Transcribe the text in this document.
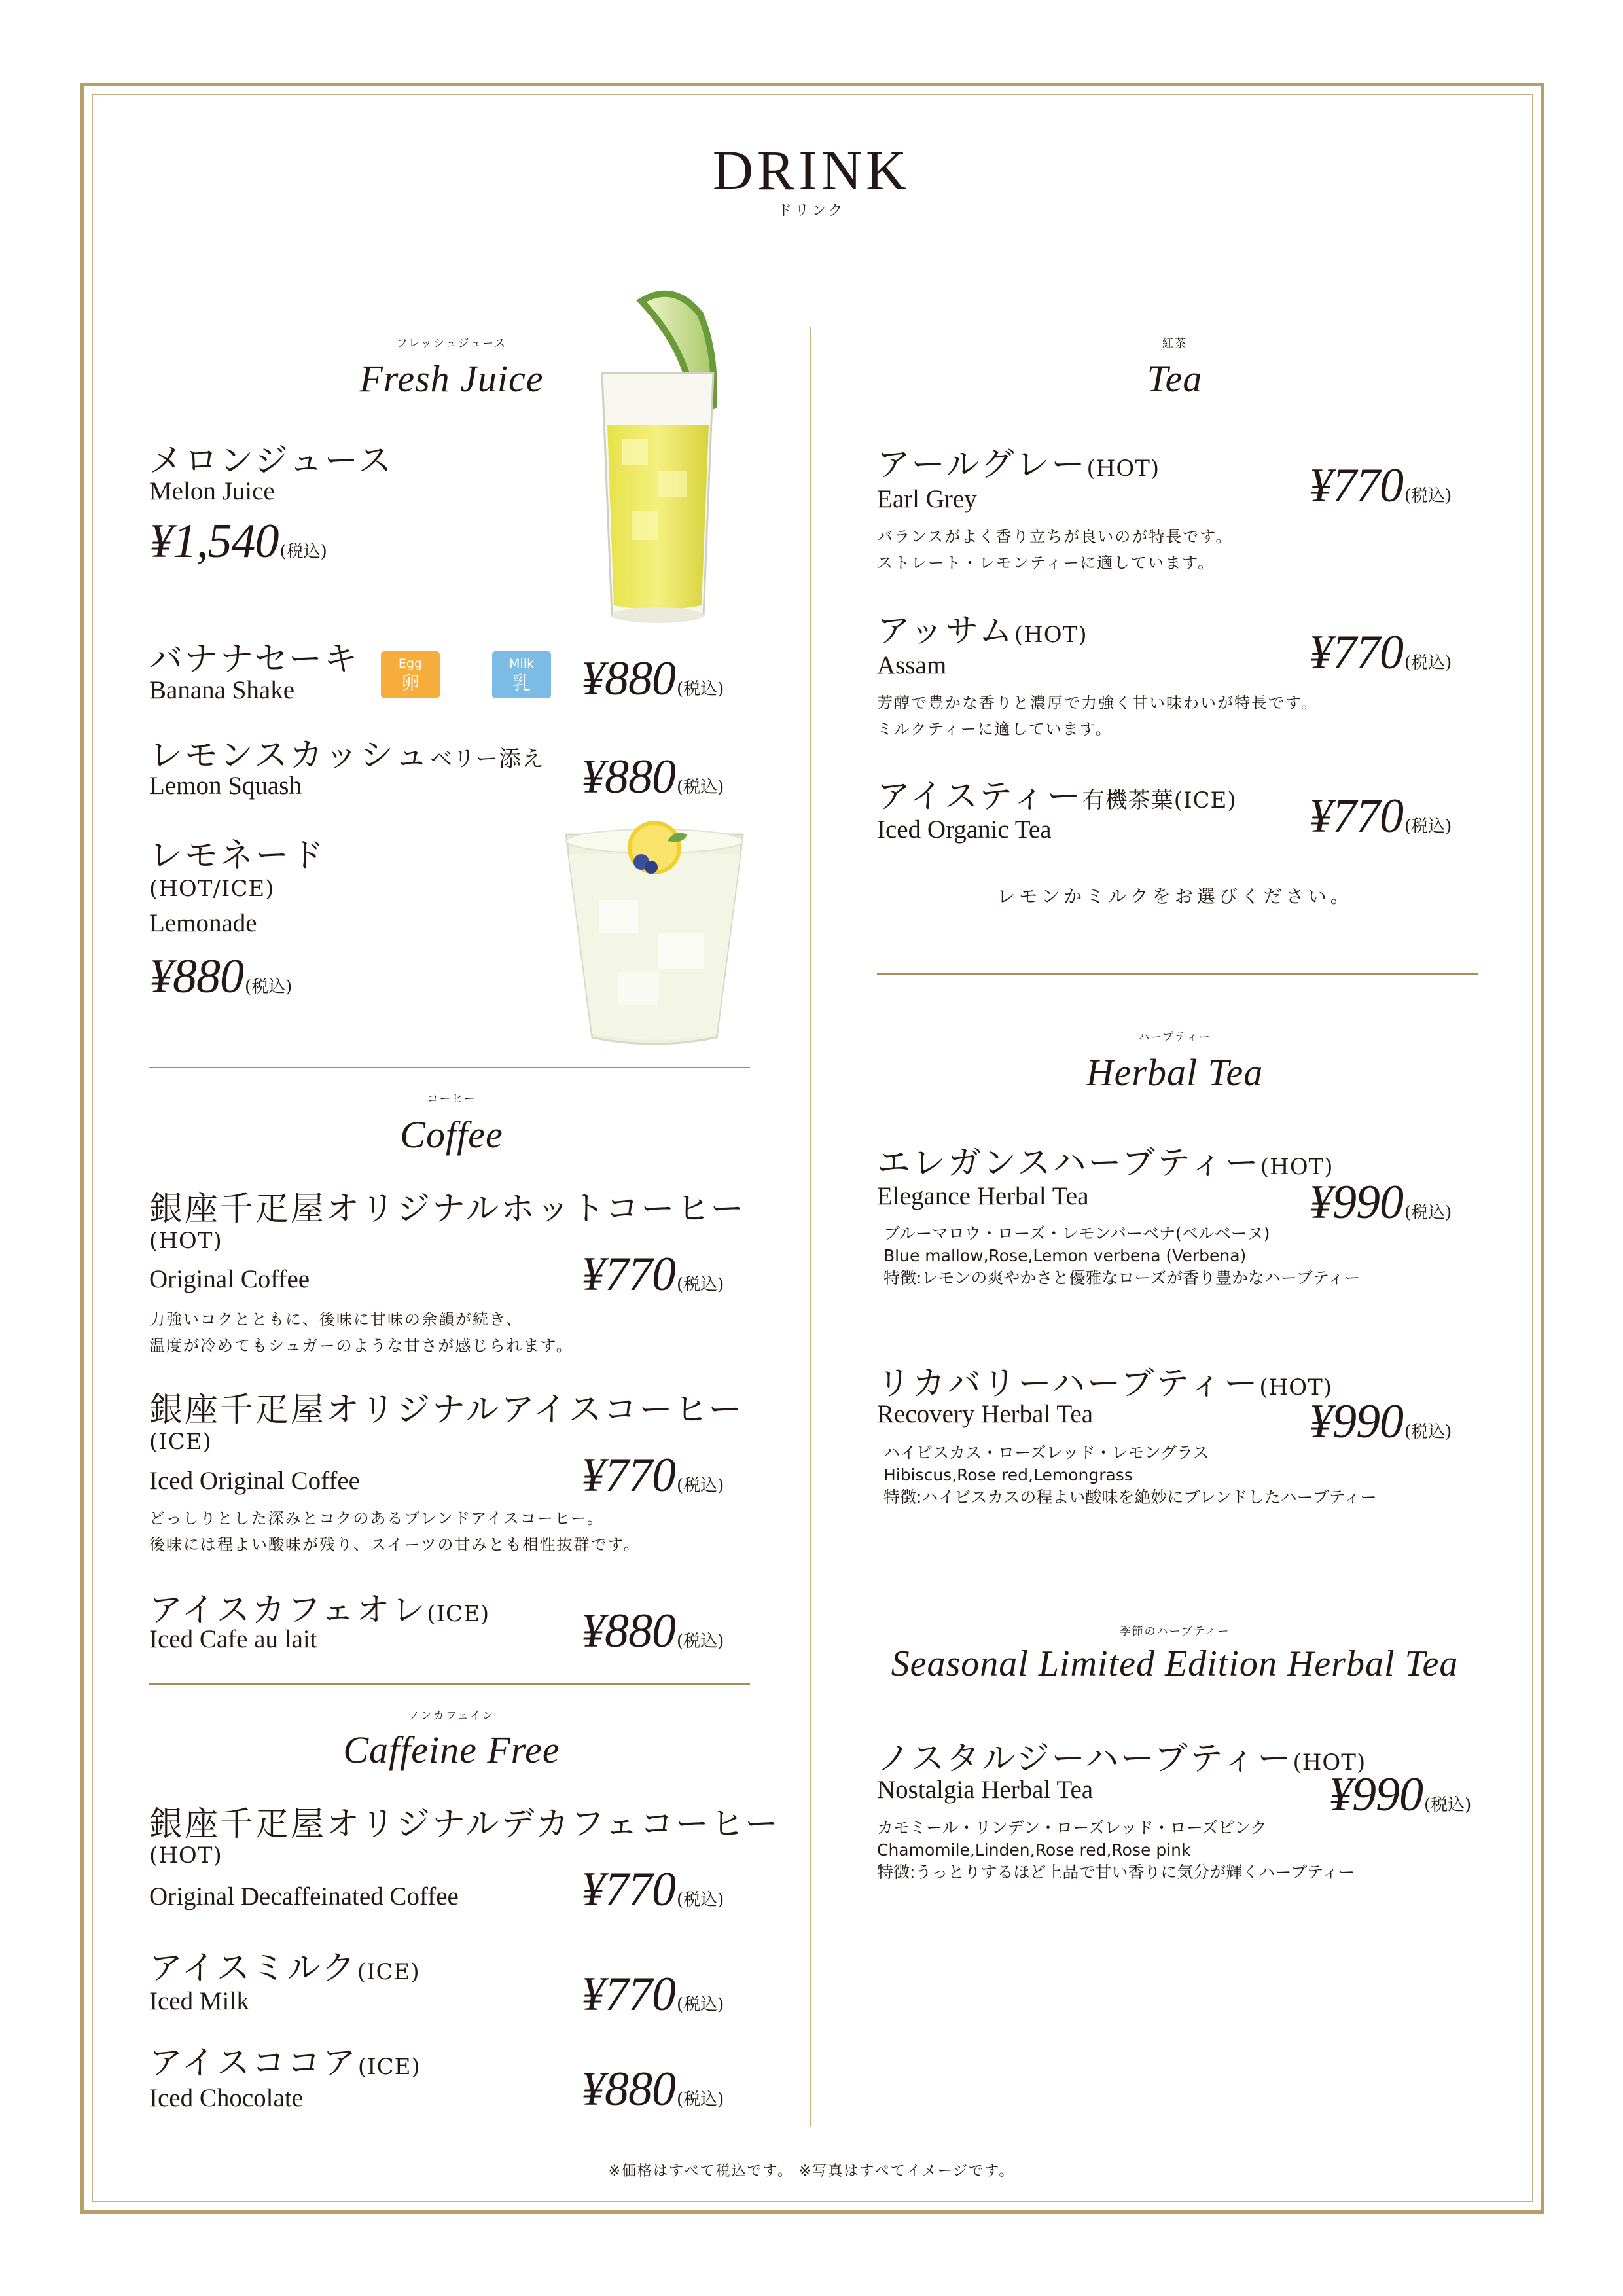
DRINK
ドリンク
フレッシュジュース
Fresh Juice
メロンジュース
Melon Juice
¥1,540(税込)
バナナセーキ
Banana Shake
Egg
卵
Milk
乳	¥880(税込)
レモンスカッシュベリー添え
Lemon Squash	¥880(税込)
レモネード
(HOT/ICE)
Lemonade
¥880(税込)
コーヒー
Coffee
銀座千疋屋オリジナルホットコーヒー
(HOT)
Original Coffee	¥770(税込)
力強いコクとともに、後味に甘味の余韻が続き、
温度が冷めてもシュガーのような甘さが感じられます。
銀座千疋屋オリジナルアイスコーヒー
(ICE)
Iced Original Coffee	¥770(税込)
どっしりとした深みとコクのあるブレンドアイスコーヒー。
後味には程よい酸味が残り、スイーツの甘みとも相性抜群です。
アイスカフェオレ(ICE)
Iced Cafe au lait	¥880(税込)
ノンカフェイン
Caffeine Free
銀座千疋屋オリジナルデカフェコーヒー
(HOT)
Original Decaffeinated Coffee	¥770(税込)
アイスミルク(ICE)
Iced Milk	¥770(税込)
アイスココア(ICE)
Iced Chocolate	¥880(税込)
紅茶
Tea
アールグレー(HOT)
Earl Grey	¥770(税込)
バランスがよく香り立ちが良いのが特長です。
ストレート・レモンティーに適しています。
アッサム(HOT)
Assam	¥770(税込)
芳醇で豊かな香りと濃厚で力強く甘い味わいが特長です。
ミルクティーに適しています。
アイスティー有機茶葉(ICE)
Iced Organic Tea	¥770(税込)
レモンかミルクをお選びください。
ハーブティー
Herbal Tea
エレガンスハーブティー(HOT)
Elegance Herbal Tea	¥990(税込)
ブルーマロウ・ローズ・レモンバーベナ(ベルベーヌ)
Blue mallow,Rose,Lemon verbena (Verbena)
特徴:レモンの爽やかさと優雅なローズが香り豊かなハーブティー
リカバリーハーブティー(HOT)
Recovery Herbal Tea	¥990(税込)
ハイビスカス・ローズレッド・レモングラス
Hibiscus,Rose red,Lemongrass
特徴:ハイビスカスの程よい酸味を絶妙にブレンドしたハーブティー
季節のハーブティー
Seasonal Limited Edition Herbal Tea
ノスタルジーハーブティー(HOT)
Nostalgia Herbal Tea	¥990(税込)
カモミール・リンデン・ローズレッド・ローズピンク
Chamomile,Linden,Rose red,Rose pink
特徴:うっとりするほど上品で甘い香りに気分が輝くハーブティー
※価格はすべて税込です。 ※写真はすべてイメージです。
